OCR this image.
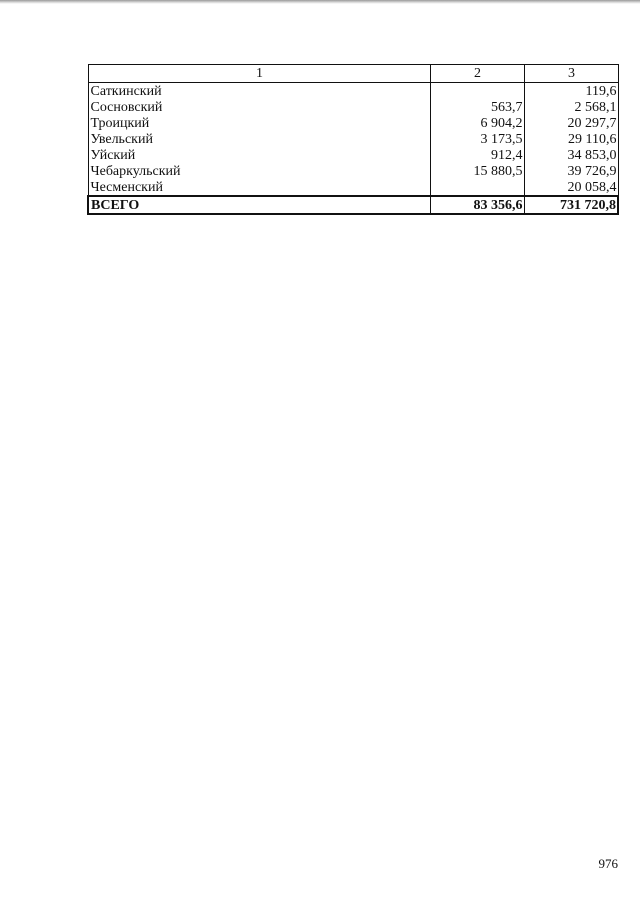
1	2	3
Саткинский		119,6
Сосновский	563,7	2 568,1
Троицкий	6 904,2	20 297,7
Увельский	3 173,5	29 110,6
Уйский	912,4	34 853,0
Чебаркульский	15 880,5	39 726,9
Чесменский		20 058,4
ВСЕГО	83 356,6	731 720,8
976
